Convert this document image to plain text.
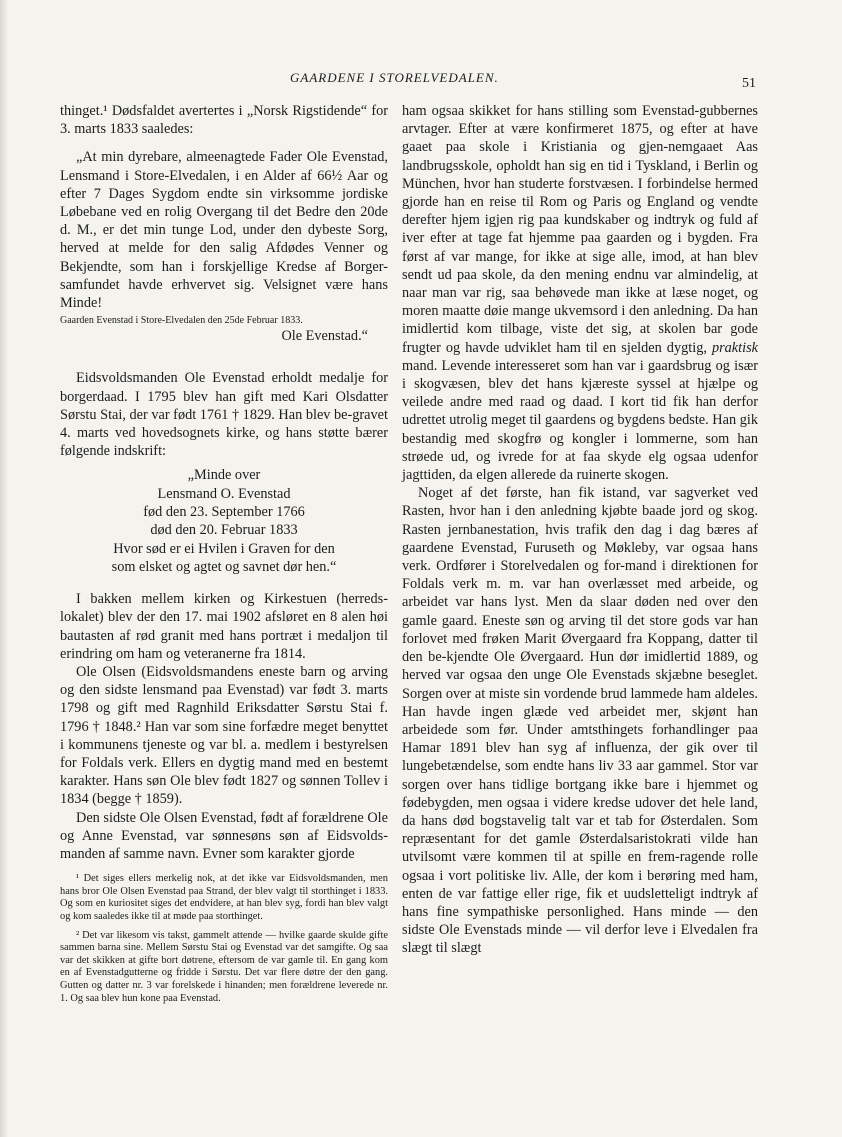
GAARDENE I STORELVEDALEN.	51

thinget.¹ Dødsfaldet avertertes i „Norsk Rigstidende“ for 3. marts 1833 saaledes:

„At min dyrebare, almeenagtede Fader Ole Evenstad, Lensmand i Store-Elvedalen, i en Alder af 66½ Aar og efter 7 Dages Sygdom endte sin virksomme jordiske Løbebane ved en rolig Overgang til det Bedre den 20de d. M., er det min tunge Lod, under den dybeste Sorg, herved at melde for den salig Afdødes Venner og Bekjendte, som han i forskjellige Kredse af Borger-samfundet havde erhvervet sig. Velsignet være hans Minde!

Gaarden Evenstad i Store-Elvedalen den 25de Februar 1833.

Ole Evenstad.“

Eidsvoldsmanden Ole Evenstad erholdt medalje for borgerdaad. I 1795 blev han gift med Kari Olsdatter Sørstu Stai, der var født 1761 † 1829. Han blev be-gravet 4. marts ved hovedsognets kirke, og hans støtte bærer følgende indskrift:

„Minde over
Lensmand O. Evenstad
fød den 23. September 1766
død den 20. Februar 1833
Hvor sød er ei Hvilen i Graven for den
som elsket og agtet og savnet dør hen.“

I bakken mellem kirken og Kirkestuen (herreds-lokalet) blev der den 17. mai 1902 afsløret en 8 alen høi bautasten af rød granit med hans portræt i medaljon til erindring om ham og veteranerne fra 1814.

Ole Olsen (Eidsvoldsmandens eneste barn og arving og den sidste lensmand paa Evenstad) var født 3. marts 1798 og gift med Ragnhild Eriksdatter Sørstu Stai f. 1796 † 1848.² Han var som sine forfædre meget benyttet i kommunens tjeneste og var bl. a. medlem i bestyrelsen for Foldals verk. Ellers en dygtig mand med en bestemt karakter. Hans søn Ole blev født 1827 og sønnen Tollev i 1834 (begge † 1859).

Den sidste Ole Olsen Evenstad, født af forældrene Ole og Anne Evenstad, var sønnesøns søn af Eidsvolds-manden af samme navn. Evner som karakter gjorde

¹ Det siges ellers merkelig nok, at det ikke var Eidsvoldsmanden, men hans bror Ole Olsen Evenstad paa Strand, der blev valgt til storthinget i 1833. Og som en kuriositet siges det endvidere, at han blev syg, fordi han blev valgt og kom saaledes ikke til at møde paa storthinget.

² Det var likesom vis takst, gammelt attende — hvilke gaarde skulde gifte sammen barna sine. Mellem Sørstu Stai og Evenstad var det samgifte. Og saa var det skikken at gifte bort døtrene, eftersom de var gamle til. En gang kom en af Evenstadgutterne og fridde i Sørstu. Det var flere døtre der den gang. Gutten og datter nr. 3 var forelskede i hinanden; men forældrene leverede nr. 1. Og saa blev hun kone paa Evenstad.

ham ogsaa skikket for hans stilling som Evenstad-gubbernes arvtager. Efter at være konfirmeret 1875, og efter at have gaaet paa skole i Kristiania og gjen-nemgaaet Aas landbrugsskole, opholdt han sig en tid i Tyskland, i Berlin og München, hvor han studerte forstvæsen. I forbindelse hermed gjorde han en reise til Rom og Paris og England og vendte derefter hjem igjen rig paa kundskaber og indtryk og fuld af iver efter at tage fat hjemme paa gaarden og i bygden. Fra først af var mange, for ikke at sige alle, imod, at han blev sendt ud paa skole, da den mening endnu var almindelig, at naar man var rig, saa behøvede man ikke at læse noget, og moren maatte døie mange ukvemsord i den anledning. Da han imidlertid kom tilbage, viste det sig, at skolen bar gode frugter og havde udviklet ham til en sjelden dygtig, praktisk mand. Levende interesseret som han var i gaardsbrug og især i skogvæsen, blev det hans kjæreste syssel at hjælpe og veilede andre med raad og daad. I kort tid fik han derfor udrettet utrolig meget til gaardens og bygdens bedste. Han gik bestandig med skogfrø og kongler i lommerne, som han strøede ud, og ivrede for at faa skyde elg ogsaa udenfor jagttiden, da elgen allerede da ruinerte skogen.

Noget af det første, han fik istand, var sagverket ved Rasten, hvor han i den anledning kjøbte baade jord og skog. Rasten jernbanestation, hvis trafik den dag i dag bæres af gaardene Evenstad, Furuseth og Møkleby, var ogsaa hans verk. Ordfører i Storelvedalen og for-mand i direktionen for Foldals verk m. m. var han overlæsset med arbeide, og arbeidet var hans lyst. Men da slaar døden ned over den gamle gaard. Eneste søn og arving til det store gods var han forlovet med frøken Marit Øvergaard fra Koppang, datter til den be-kjendte Ole Øvergaard. Hun dør imidlertid 1889, og herved var ogsaa den unge Ole Evenstads skjæbne beseglet. Sorgen over at miste sin vordende brud lammede ham aldeles. Han havde ingen glæde ved arbeidet mer, skjønt han arbeidede som før. Under amtsthingets forhandlinger paa Hamar 1891 blev han syg af influenza, der gik over til lungebetændelse, som endte hans liv 33 aar gammel. Stor var sorgen over hans tidlige bortgang ikke bare i hjemmet og fødebygden, men ogsaa i videre kredse udover det hele land, da hans død bogstavelig talt var et tab for Østerdalen. Som repræsentant for det gamle Østerdalsaristokrati vilde han utvilsomt være kommen til at spille en frem-ragende rolle ogsaa i vort politiske liv. Alle, der kom i berøring med ham, enten de var fattige eller rige, fik et uudsletteligt indtryk af hans fine sympathiske personlighed. Hans minde — den sidste Ole Evenstads minde — vil derfor leve i Elvedalen fra slægt til slægt
